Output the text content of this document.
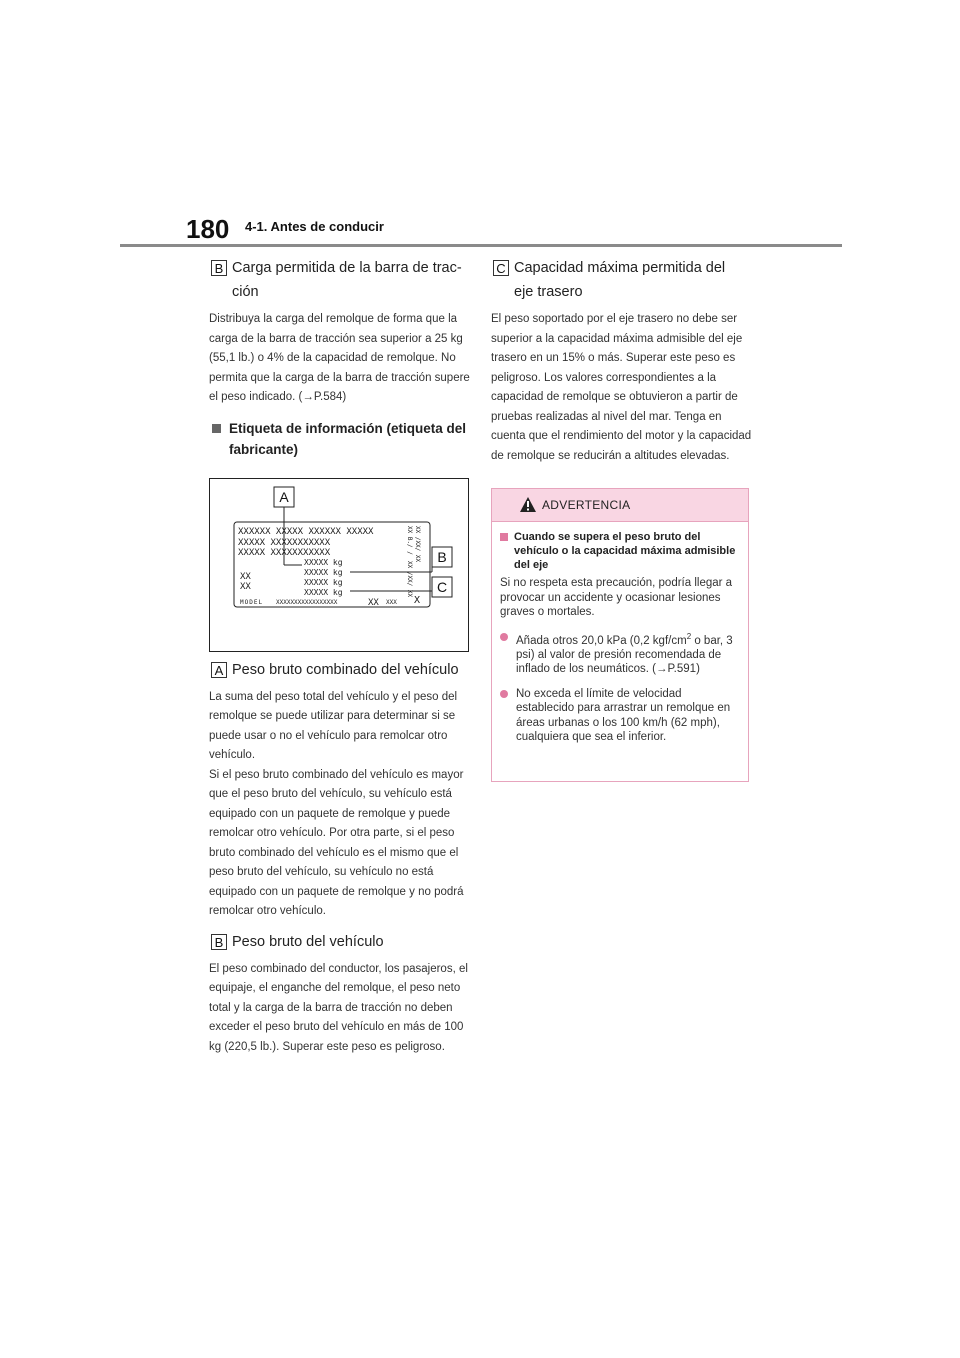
180 4-1. Antes de conducir
B Carga permitida de la barra de trac-
ción

Distribuya la carga del remolque de forma que la carga de la barra de tracción sea superior a 25 kg (55,1 lb.) o 4% de la capacidad de remolque. No permita que la carga de la barra de tracción supere el peso indicado. (→P.584)

Etiqueta de información (etiqueta del fabricante)
XXXXXX XXXXX XXXXXX XXXXX
XXXXX XXXXXXXXXXX
XXXXX XXXXXXXXXXX
XXXXX kg
XXXXX kg
XXXXX kg
XXXXX kg
XX
XX
MODEL XXXXXXXXXXXXXXXXX	XX XXX
XX B./ / XX /XX/ XX
XX /XX/ XX
X
A
B
C
A Peso bruto combinado del vehículo

La suma del peso total del vehículo y el peso del remolque se puede utilizar para determinar si se puede usar o no el vehículo para remolcar otro vehículo.

Si el peso bruto combinado del vehículo es mayor que el peso bruto del vehículo, su vehículo está equipado con un paquete de remolque y puede remolcar otro vehículo. Por otra parte, si el peso bruto combinado del vehículo es el mismo que el peso bruto del vehículo, su vehículo no está equipado con un paquete de remolque y no podrá remolcar otro vehículo.

B Peso bruto del vehículo

El peso combinado del conductor, los pasajeros, el equipaje, el enganche del remolque, el peso neto total y la carga de la barra de tracción no deben exceder el peso bruto del vehículo en más de 100 kg (220,5 lb.). Superar este peso es peligroso.

C Capacidad máxima permitida del
eje trasero

El peso soportado por el eje trasero no debe ser superior a la capacidad máxima admisible del eje trasero en un 15% o más. Superar este peso es peligroso. Los valores correspondientes a la capacidad de remolque se obtuvieron a partir de pruebas realizadas al nivel del mar. Tenga en cuenta que el rendimiento del motor y la capacidad de remolque se reducirán a altitudes elevadas.

ADVERTENCIA
Cuando se supera el peso bruto del vehículo o la capacidad máxima admisible del eje

Si no respeta esta precaución, podría llegar a provocar un accidente y ocasionar lesiones graves o mortales.

Añada otros 20,0 kPa (0,2 kgf/$cm^2$ o bar, 3 psi) al valor de presión recomendada de inflado de los neumáticos. (→P.591)
No exceda el límite de velocidad establecido para arrastrar un remolque en áreas urbanas o los 100 km/h (62 mph), cualquiera que sea el inferior.
